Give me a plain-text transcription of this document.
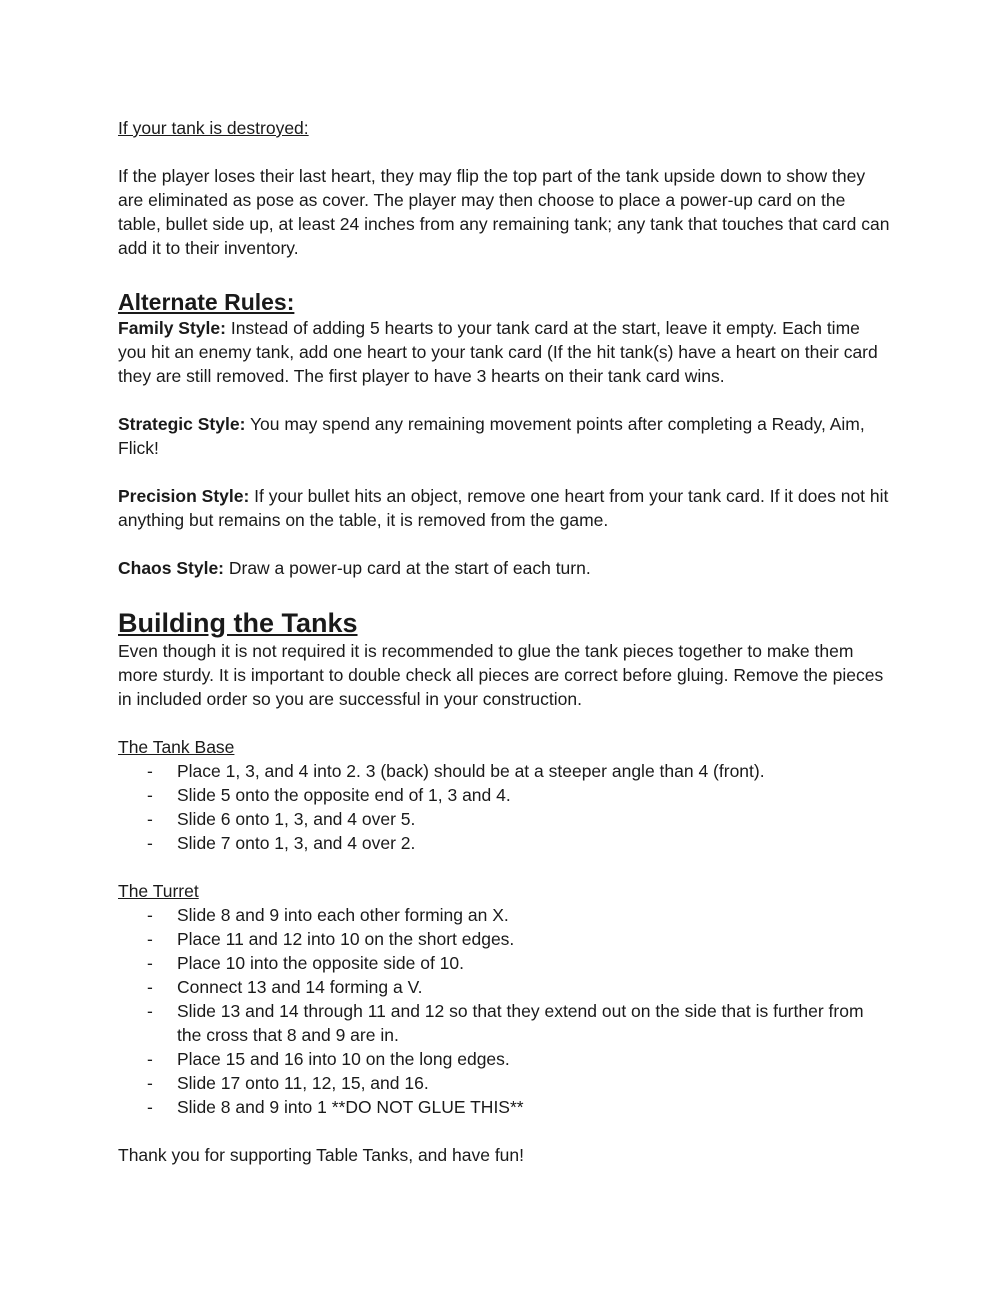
If your tank is destroyed:

If the player loses their last heart, they may flip the top part of the tank upside down to show they are eliminated as pose as cover. The player may then choose to place a power-up card on the table, bullet side up, at least 24 inches from any remaining tank; any tank that touches that card can add it to their inventory.

Alternate Rules:

Family Style: Instead of adding 5 hearts to your tank card at the start, leave it empty. Each time you hit an enemy tank, add one heart to your tank card (If the hit tank(s) have a heart on their card they are still removed. The first player to have 3 hearts on their tank card wins.

Strategic Style: You may spend any remaining movement points after completing a Ready, Aim, Flick!

Precision Style: If your bullet hits an object, remove one heart from your tank card. If it does not hit anything but remains on the table, it is removed from the game.

Chaos Style: Draw a power-up card at the start of each turn.

Building the Tanks

Even though it is not required it is recommended to glue the tank pieces together to make them more sturdy. It is important to double check all pieces are correct before gluing. Remove the pieces in included order so you are successful in your construction.

The Tank Base

- Place 1, 3, and 4 into 2. 3 (back) should be at a steeper angle than 4 (front).
- Slide 5 onto the opposite end of 1, 3 and 4.
- Slide 6 onto 1, 3, and 4 over 5.
- Slide 7 onto 1, 3, and 4 over 2.

The Turret

- Slide 8 and 9 into each other forming an X.
- Place 11 and 12 into 10 on the short edges.
- Place 10 into the opposite side of 10.
- Connect 13 and 14 forming a V.
- Slide 13 and 14 through 11 and 12 so that they extend out on the side that is further from the cross that 8 and 9 are in.
- Place 15 and 16 into 10 on the long edges.
- Slide 17 onto 11, 12, 15, and 16.
- Slide 8 and 9 into 1 **DO NOT GLUE THIS**

Thank you for supporting Table Tanks, and have fun!
